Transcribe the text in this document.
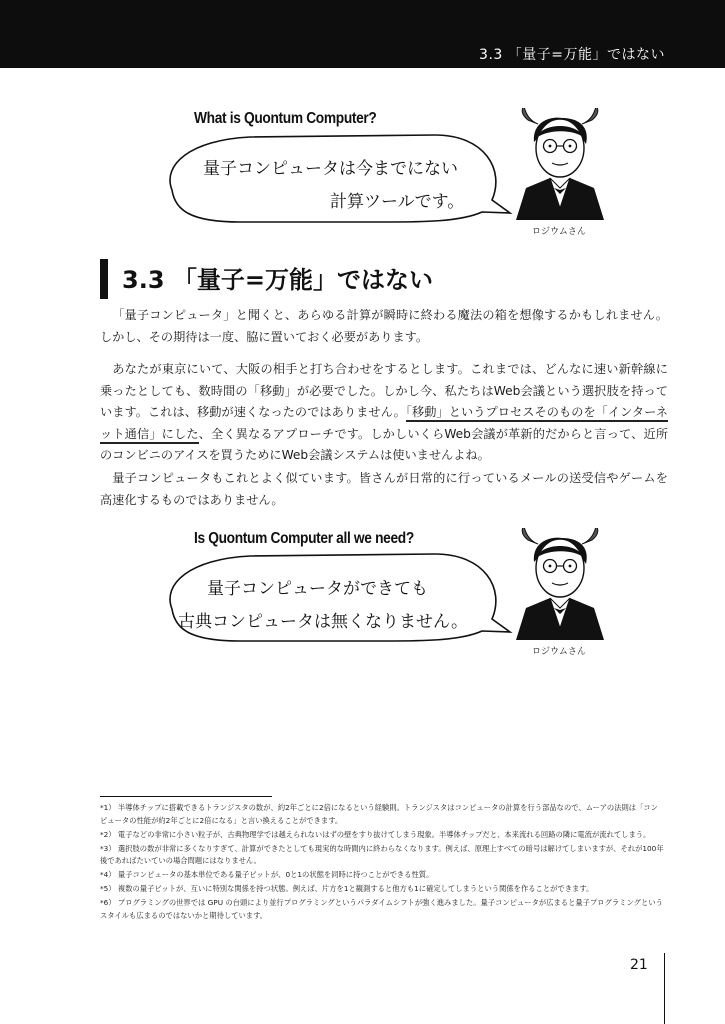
3.3 「量子=万能」ではない
What is Quontum Computer?
量子コンピュータは今までにない
計算ツールです。
ロジウムさん
3.3 「量子=万能」ではない

「量子コンピュータ」と聞くと、あらゆる計算が瞬時に終わる魔法の箱を想像するかもしれません。しかし、その期待は一度、脇に置いておく必要があります。

あなたが東京にいて、大阪の相手と打ち合わせをするとします。これまでは、どんなに速い新幹線に乗ったとしても、数時間の「移動」が必要でした。しかし今、私たちはWeb会議という選択肢を持っています。これは、移動が速くなったのではありません。「移動」というプロセスそのものを「インターネット通信」にした、全く異なるアプローチです。しかしいくらWeb会議が革新的だからと言って、近所のコンビニのアイスを買うためにWeb会議システムは使いませんよね。

量子コンピュータもこれとよく似ています。皆さんが日常的に行っているメールの送受信やゲームを高速化するものではありません。

Is Quontum Computer all we need?
量子コンピュータができても
古典コンピュータは無くなりません。
ロジウムさん

*1） 半導体チップに搭載できるトランジスタの数が、約2年ごとに2倍になるという経験則。トランジスタはコンピュータの計算を行う部品なので、ムーアの法則は「コンピュータの性能が約2年ごとに2倍になる」と言い換えることができます。

*2） 電子などの非常に小さい粒子が、古典物理学では越えられないはずの壁をすり抜けてしまう現象。半導体チップだと、本来流れる回路の隣に電流が流れてしまう。

*3） 選択肢の数が非常に多くなりすぎて、計算ができたとしても現実的な時間内に終わらなくなります。例えば、原理上すべての暗号は解けてしまいますが、それが100年後であればたいていの場合問題にはなりません。

*4） 量子コンピュータの基本単位である量子ビットが、0と1の状態を同時に持つことができる性質。

*5） 複数の量子ビットが、互いに特別な関係を持つ状態。例えば、片方を1と観測すると他方も1に確定してしまうという関係を作ることができます。

*6） プログラミングの世界では GPU の台頭により並行プログラミングというパラダイムシフトが強く進みました。量子コンピュータが広まると量子プログラミングというスタイルも広まるのではないかと期待しています。

21
